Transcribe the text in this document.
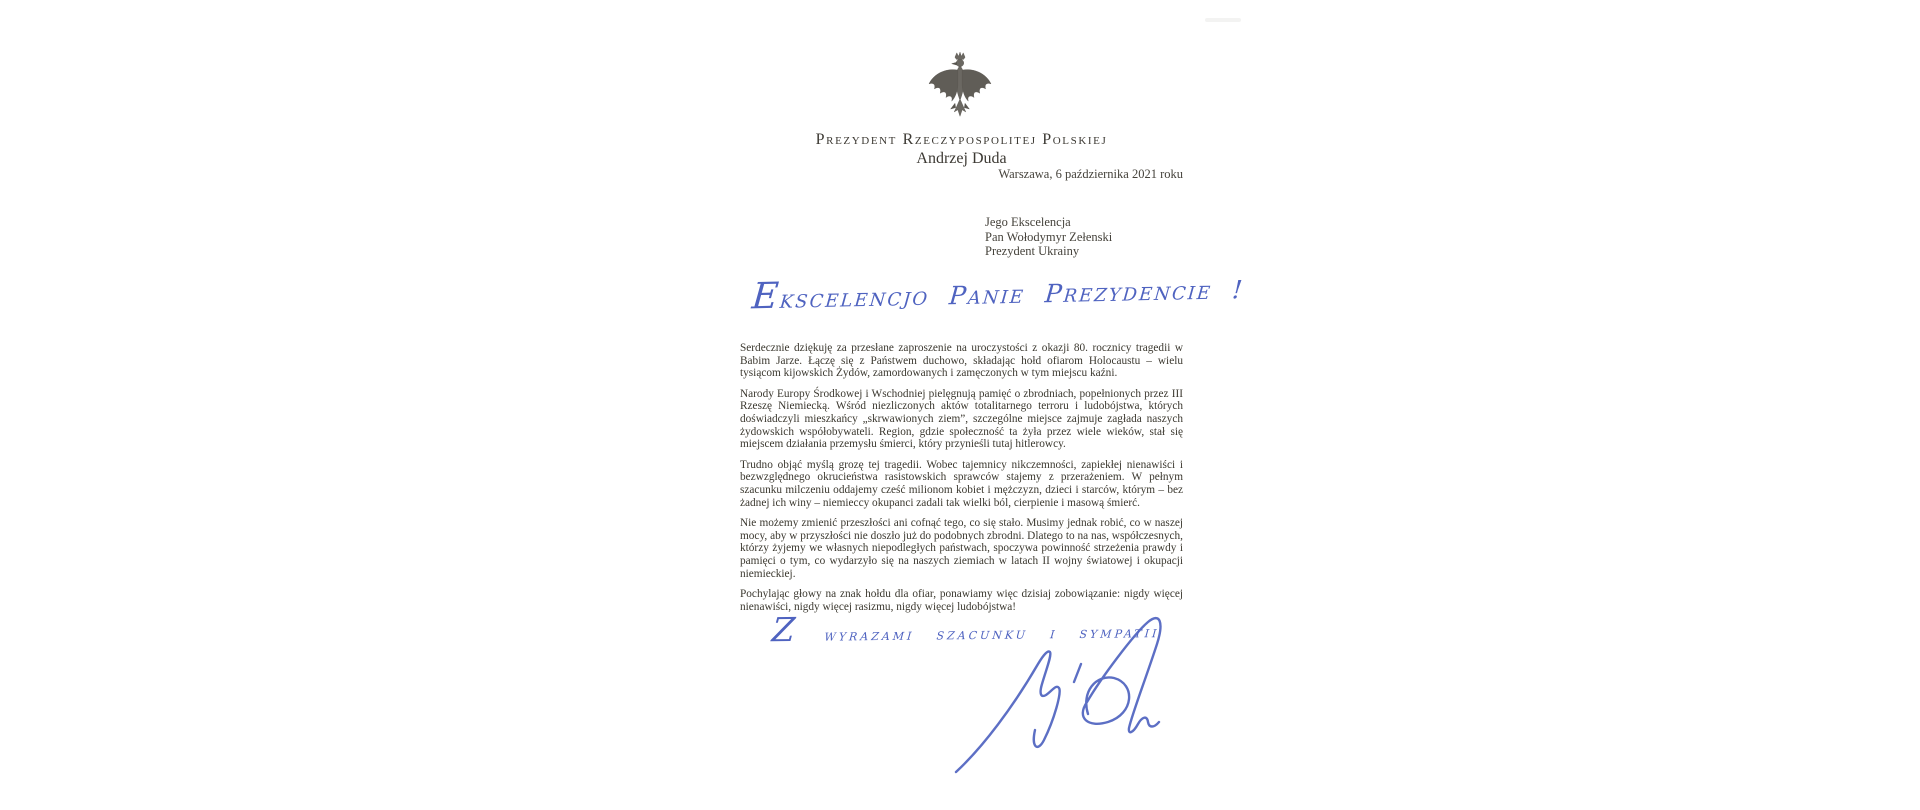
Prezydent Rzeczypospolitej Polskiej
Andrzej Duda
Warszawa, 6 października 2021 roku
Jego Ekscelencja
Pan Wołodymyr Zełenski
Prezydent Ukrainy
Ekscelencjo Panie Prezydencie !

Serdecznie dziękuję za przesłane zaproszenie na uroczystości z okazji 80. rocznicy tragedii w Babim Jarze. Łączę się z Państwem duchowo, składając hołd ofiarom Holocaustu – wielu tysiącom kijowskich Żydów, zamordowanych i zamęczonych w tym miejscu kaźni.

Narody Europy Środkowej i Wschodniej pielęgnują pamięć o zbrodniach, popełnionych przez III Rzeszę Niemiecką. Wśród niezliczonych aktów totalitarnego terroru i ludobójstwa, których doświadczyli mieszkańcy „skrwawionych ziem”, szczególne miejsce zajmuje zagłada naszych żydowskich współobywateli. Region, gdzie społeczność ta żyła przez wiele wieków, stał się miejscem działania przemysłu śmierci, który przynieśli tutaj hitlerowcy.

Trudno objąć myślą grozę tej tragedii. Wobec tajemnicy nikczemności, zapiekłej nienawiści i bezwzględnego okrucieństwa rasistowskich sprawców stajemy z przerażeniem. W pełnym szacunku milczeniu oddajemy cześć milionom kobiet i mężczyzn, dzieci i starców, którym – bez żadnej ich winy – niemieccy okupanci zadali tak wielki ból, cierpienie i masową śmierć.

Nie możemy zmienić przeszłości ani cofnąć tego, co się stało. Musimy jednak robić, co w naszej mocy, aby w przyszłości nie doszło już do podobnych zbrodni. Dlatego to na nas, współczesnych, którzy żyjemy we własnych niepodległych państwach, spoczywa powinność strzeżenia prawdy i pamięci o tym, co wydarzyło się na naszych ziemiach w latach II wojny światowej i okupacji niemieckiej.

Pochylając głowy na znak hołdu dla ofiar, ponawiamy więc dzisiaj zobowiązanie: nigdy więcej nienawiści, nigdy więcej rasizmu, nigdy więcej ludobójstwa!

Z wyrazami szacunku i sympatii
